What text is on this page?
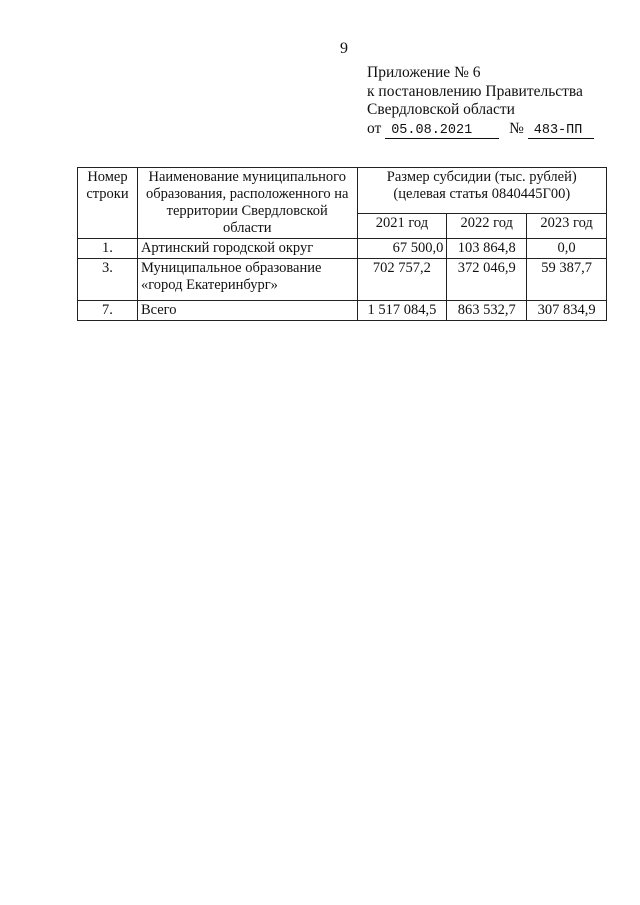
9
Приложение № 6
к постановлению Правительства
Свердловской области
от 05.08.2021 № 483-ПП
Номер строки	Наименование муниципального образования, расположенного на территории Свердловской области	Размер субсидии (тыс. рублей) (целевая статья 0840445Г00)		
		2021 год	2022 год	2023 год
1.	Артинский городской округ	67 500,0	103 864,8	0,0
3.	Муниципальное образование «город Екатеринбург»	702 757,2	372 046,9	59 387,7
7.	Всего	1 517 084,5	863 532,7	307 834,9
